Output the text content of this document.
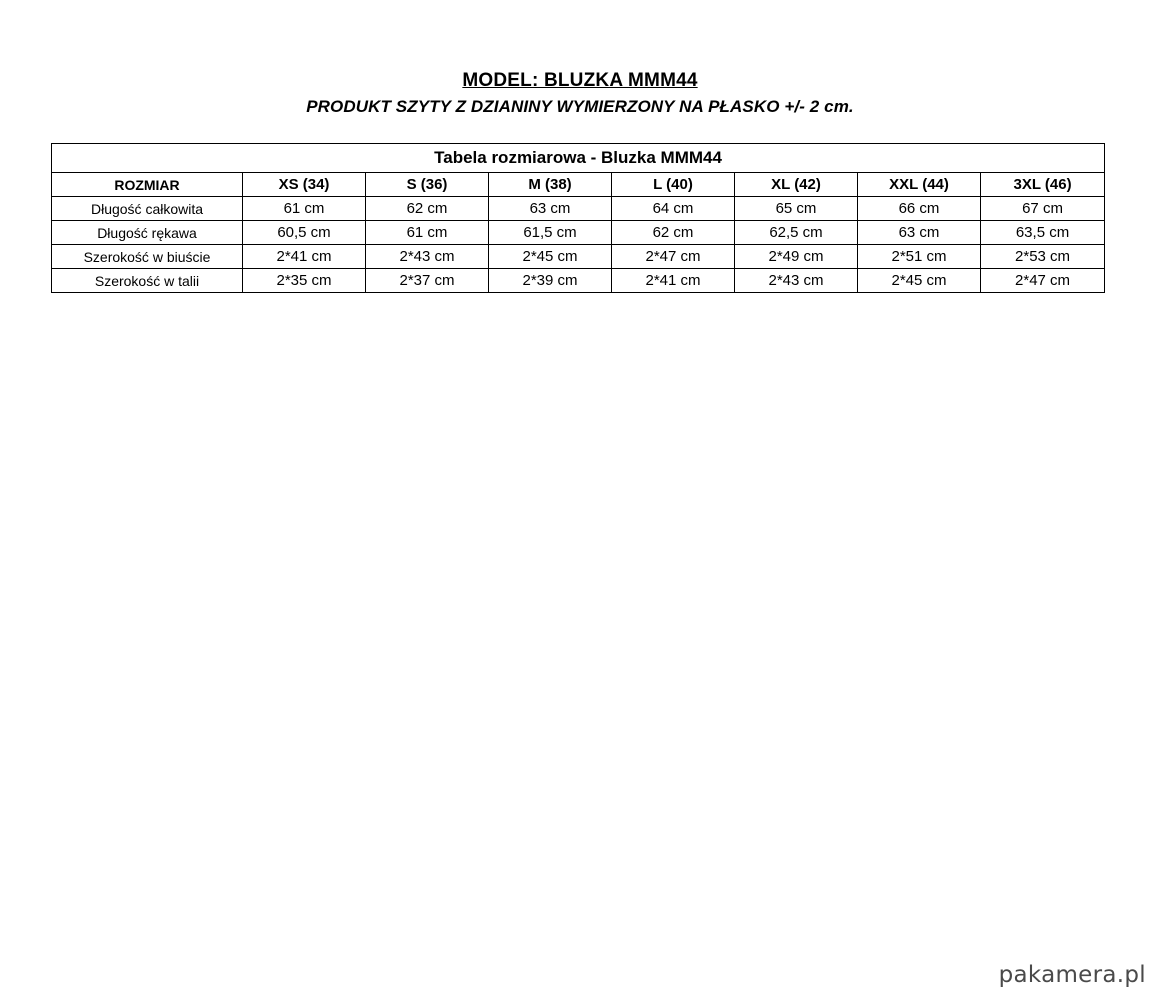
MODEL: BLUZKA MMM44
PRODUKT SZYTY Z DZIANINY WYMIERZONY NA PŁASKO +/- 2 cm.
Tabela rozmiarowa - Bluzka MMM44							
ROZMIAR	XS (34)	S (36)	M (38)	L (40)	XL (42)	XXL (44)	3XL (46)
Długość całkowita	61 cm	62 cm	63 cm	64 cm	65 cm	66 cm	67 cm
Długość rękawa	60,5 cm	61 cm	61,5 cm	62 cm	62,5 cm	63 cm	63,5 cm
Szerokość w biuście	2*41 cm	2*43 cm	2*45 cm	2*47 cm	2*49 cm	2*51 cm	2*53 cm
Szerokość w talii	2*35 cm	2*37 cm	2*39 cm	2*41 cm	2*43 cm	2*45 cm	2*47 cm
pakamera.pl
